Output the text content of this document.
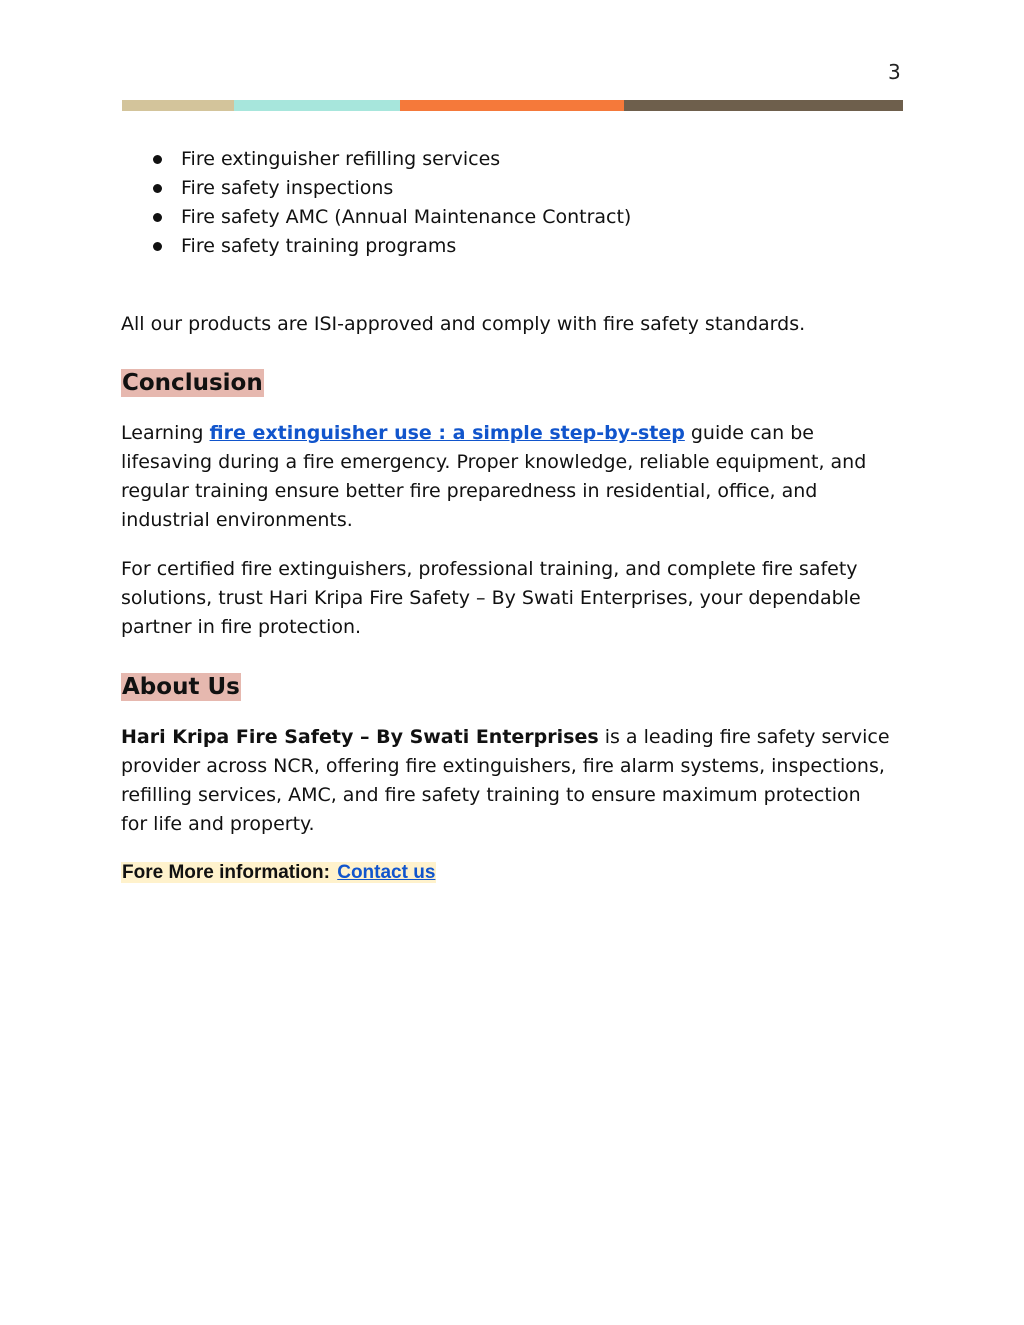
3
Fire extinguisher refilling services
Fire safety inspections
Fire safety AMC (Annual Maintenance Contract)
Fire safety training programs
All our products are ISI-approved and comply with fire safety standards.
Conclusion
Learning fire extinguisher use : a simple step-by-step guide can be lifesaving during a fire emergency. Proper knowledge, reliable equipment, and regular training ensure better fire preparedness in residential, office, and industrial environments.
For certified fire extinguishers, professional training, and complete fire safety solutions, trust Hari Kripa Fire Safety – By Swati Enterprises, your dependable partner in fire protection.
About Us
Hari Kripa Fire Safety – By Swati Enterprises is a leading fire safety service provider across NCR, offering fire extinguishers, fire alarm systems, inspections, refilling services, AMC, and fire safety training to ensure maximum protection for life and property.
Fore More information: Contact us
